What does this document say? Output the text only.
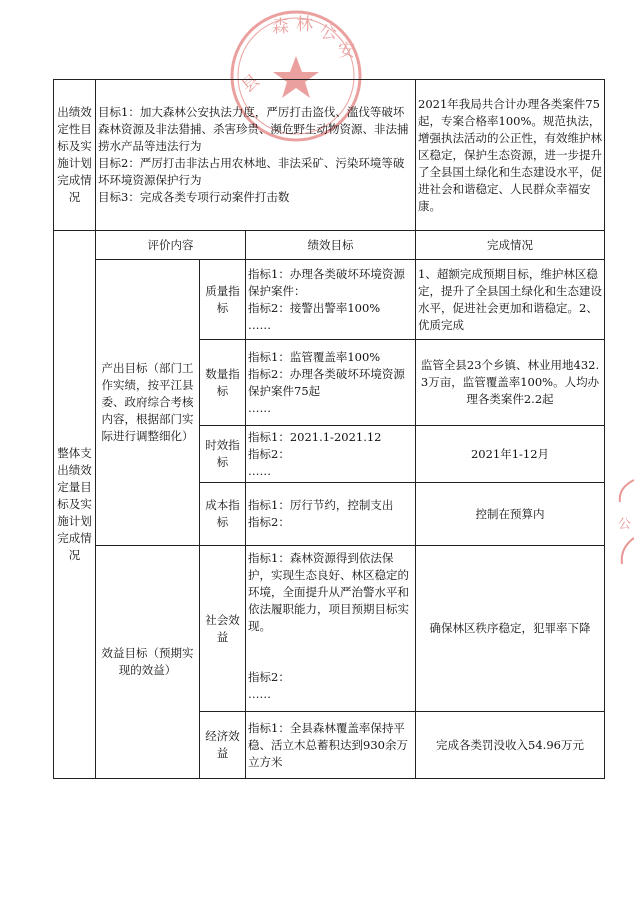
县
森 林 公
安
公
出绩效定性目标及实施计划完成情况	目标1：加大森林公安执法力度，严厉打击盗伐、滥伐等破坏森林资源及非法猎捕、杀害珍贵、濒危野生动物资源、非法捕捞水产品等违法行为
目标2：严厉打击非法占用农林地、非法采矿、污染环境等破坏环境资源保护行为
目标3：完成各类专项行动案件打击数			2021年我局共合计办理各类案件75起，专案合格率100%。规范执法，增强执法活动的公正性，有效维护林区稳定，保护生态资源，进一步提升了全县国土绿化和生态建设水平，促进社会和谐稳定、人民群众幸福安康。
整体支出绩效定量目标及实施计划完成情况	评价内容		绩效目标	完成情况
	产出目标（部门工作实绩，按平江县委、政府综合考核内容，根据部门实际进行调整细化）	质量指标	指标1：办理各类破坏环境资源保护案件：
指标2：接警出警率100%
……	1、超额完成预期目标，维护林区稳定，提升了全县国土绿化和生态建设水平，促进社会更加和谐稳定。2、优质完成
		数量指标	指标1：监管覆盖率100%
指标2：办理各类破坏环境资源保护案件75起
……	监管全县23个乡镇、林业用地432.3万亩，监管覆盖率100%。人均办理各类案件2.2起
		时效指标	指标1：2021.1-2021.12
指标2：
……	2021年1-12月
		成本指标	指标1：厉行节约，控制支出
指标2：	控制在预算内
	效益目标（预期实现的效益）	社会效益	指标1：森林资源得到依法保护，实现生态良好、林区稳定的环境，全面提升从严治警水平和依法履职能力，项目预期目标实现。
指标2：
……	确保林区秩序稳定，犯罪率下降
		经济效益	指标1：全县森林覆盖率保持平稳、活立木总蓄积达到930余万立方米	完成各类罚没收入54.96万元
